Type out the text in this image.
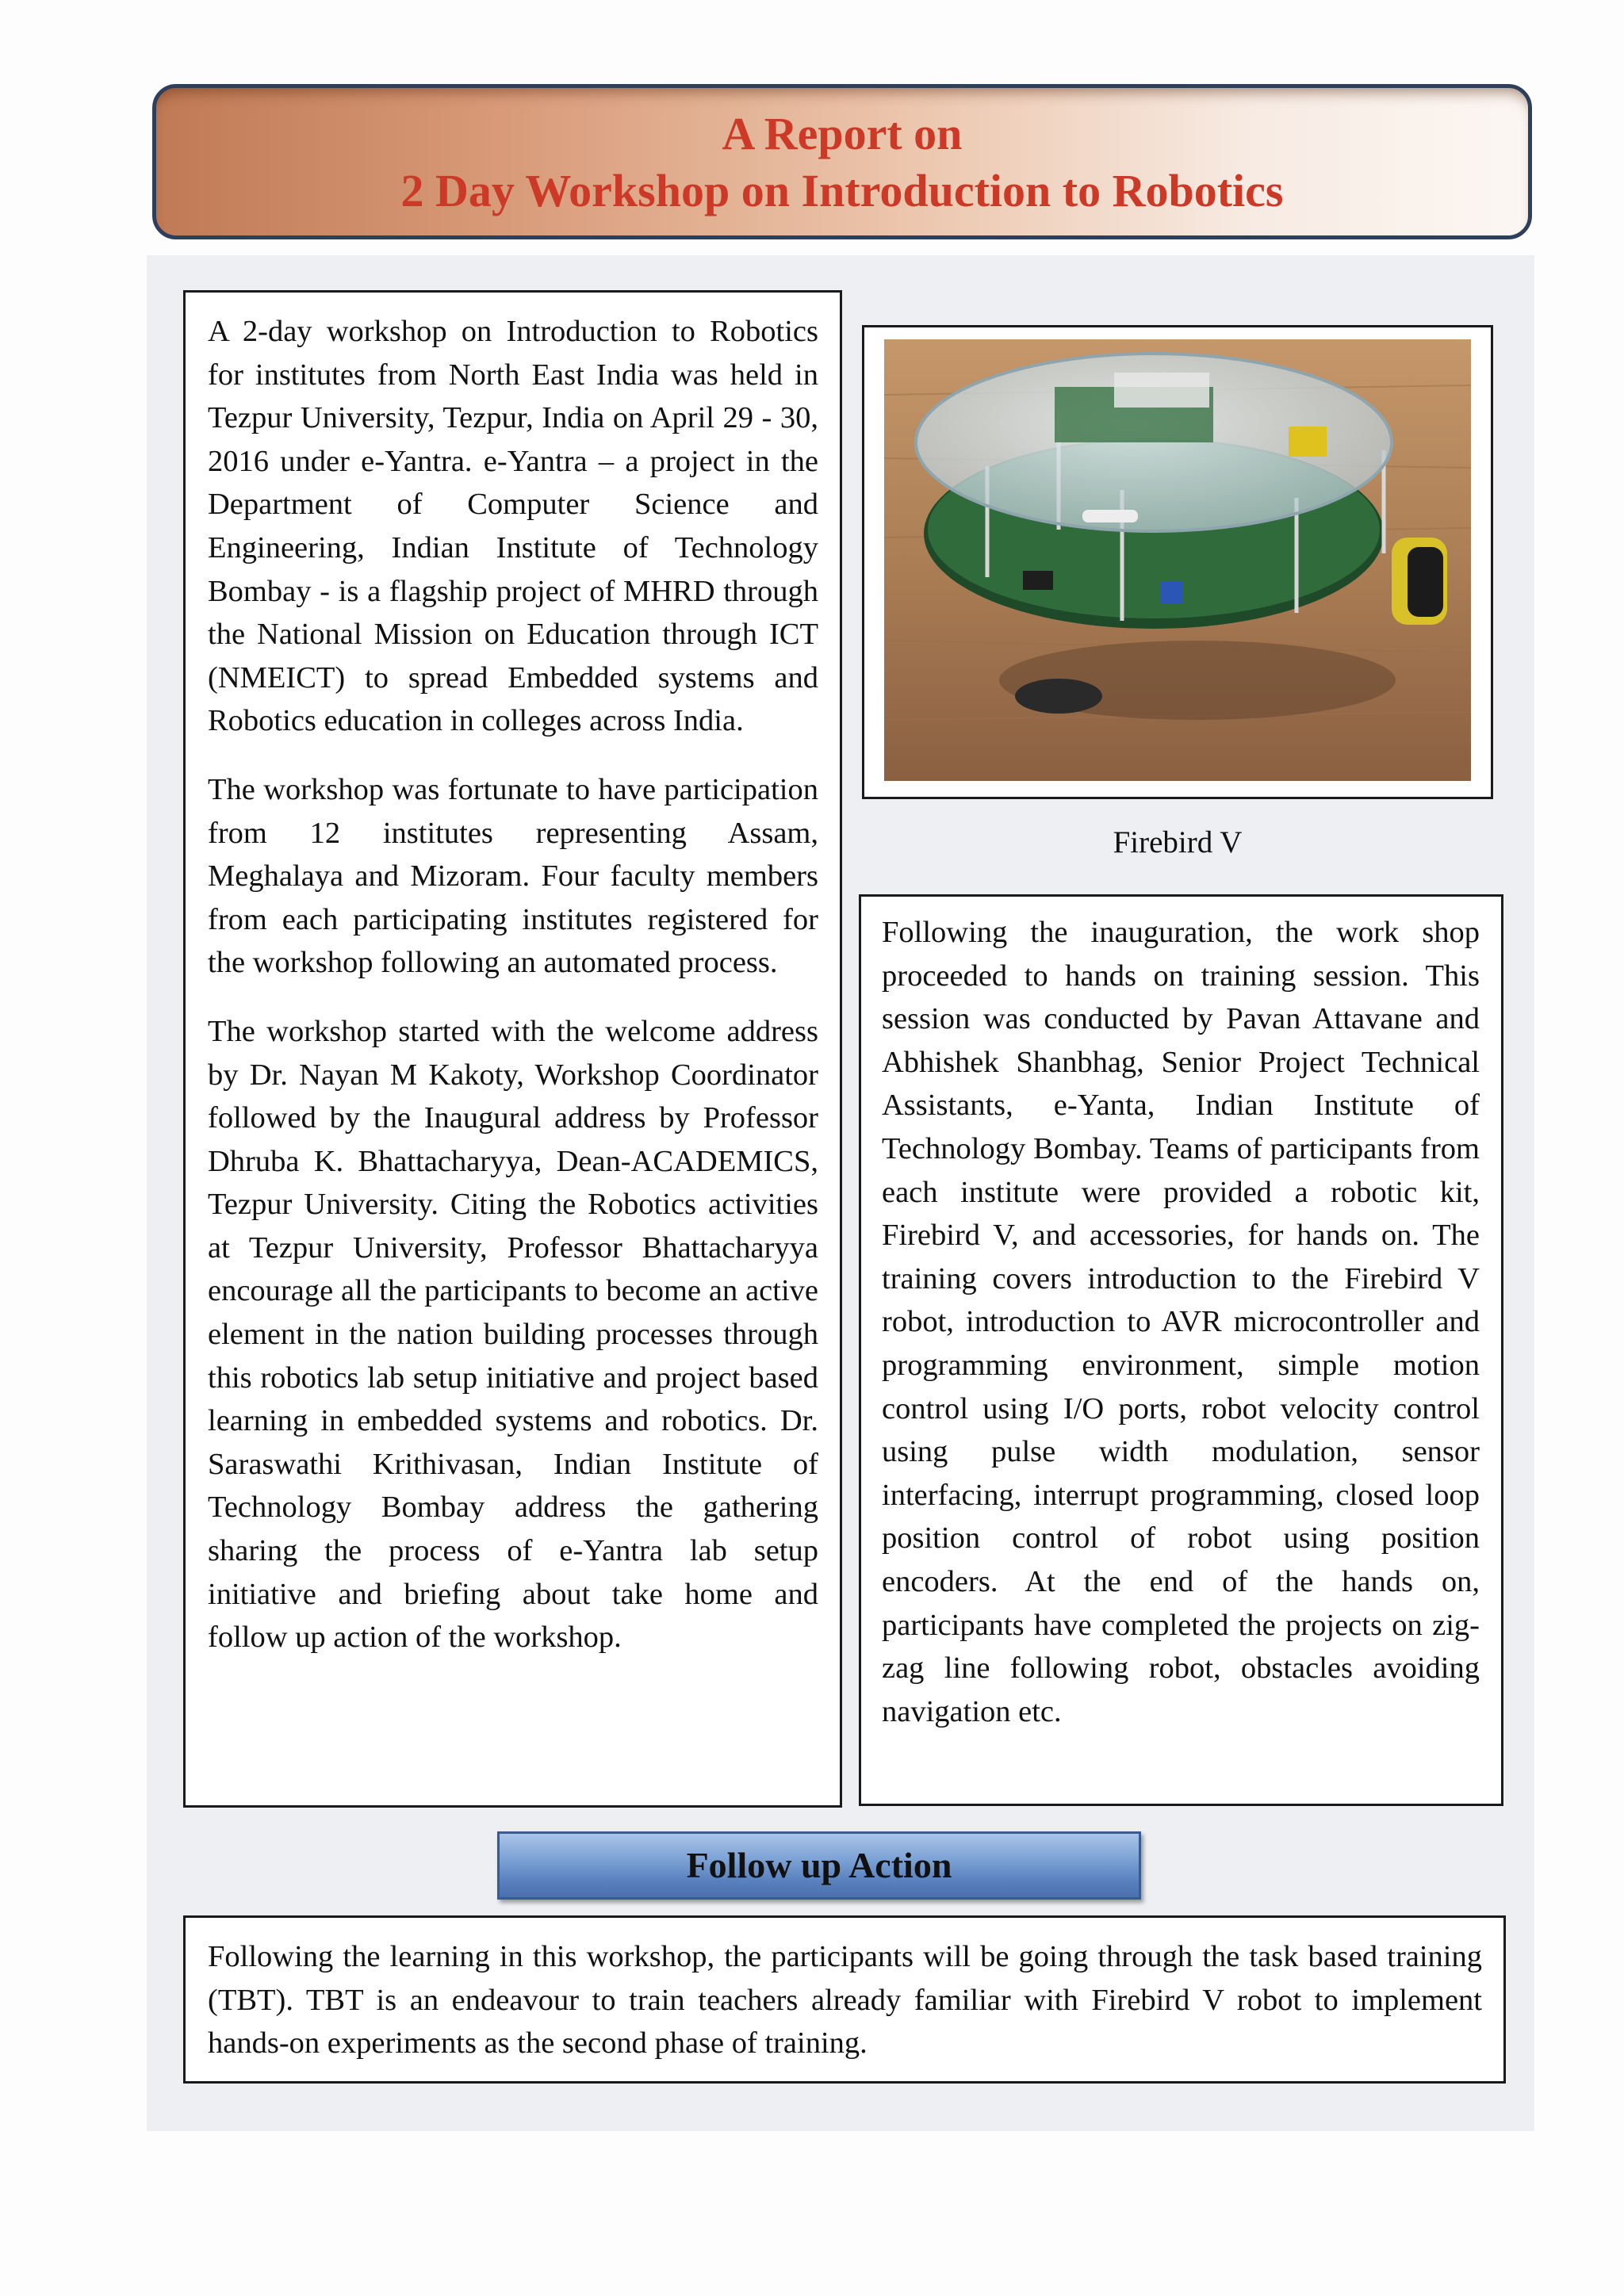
A Report on
2 Day Workshop on Introduction to Robotics

A 2-day workshop on Introduction to Robotics for institutes from North East India was held in Tezpur University, Tezpur, India on April 29 - 30, 2016 under e-Yantra. e-Yantra – a project in the Department of Computer Science and Engineering, Indian Institute of Technology Bombay - is a flagship project of MHRD through the National Mission on Education through ICT (NMEICT) to spread Embedded systems and Robotics education in colleges across India.

The workshop was fortunate to have participation from 12 institutes representing Assam, Meghalaya and Mizoram. Four faculty members from each participating institutes registered for the workshop following an automated process.

The workshop started with the welcome address by Dr. Nayan M Kakoty, Workshop Coordinator followed by the Inaugural address by Professor Dhruba K. Bhattacharyya, Dean-ACADEMICS, Tezpur University. Citing the Robotics activities at Tezpur University, Professor Bhattacharyya encourage all the participants to become an active element in the nation building processes through this robotics lab setup initiative and project based learning in embedded systems and robotics. Dr. Saraswathi Krithivasan, Indian Institute of Technology Bombay address the gathering sharing the process of e-Yantra lab setup initiative and briefing about take home and follow up action of the workshop.

Firebird V

Following the inauguration, the work shop proceeded to hands on training session. This session was conducted by Pavan Attavane and Abhishek Shanbhag, Senior Project Technical Assistants, e-Yanta, Indian Institute of Technology Bombay. Teams of participants from each institute were provided a robotic kit, Firebird V, and accessories, for hands on. The training covers introduction to the Firebird V robot, introduction to AVR microcontroller and programming environment, simple motion control using I/O ports, robot velocity control using pulse width modulation, sensor interfacing, interrupt programming, closed loop position control of robot using position encoders. At the end of the hands on, participants have completed the projects on zig-zag line following robot, obstacles avoiding navigation etc.

Follow up Action

Following the learning in this workshop, the participants will be going through the task based training (TBT). TBT is an endeavour to train teachers already familiar with Firebird V robot to implement hands-on experiments as the second phase of training.
